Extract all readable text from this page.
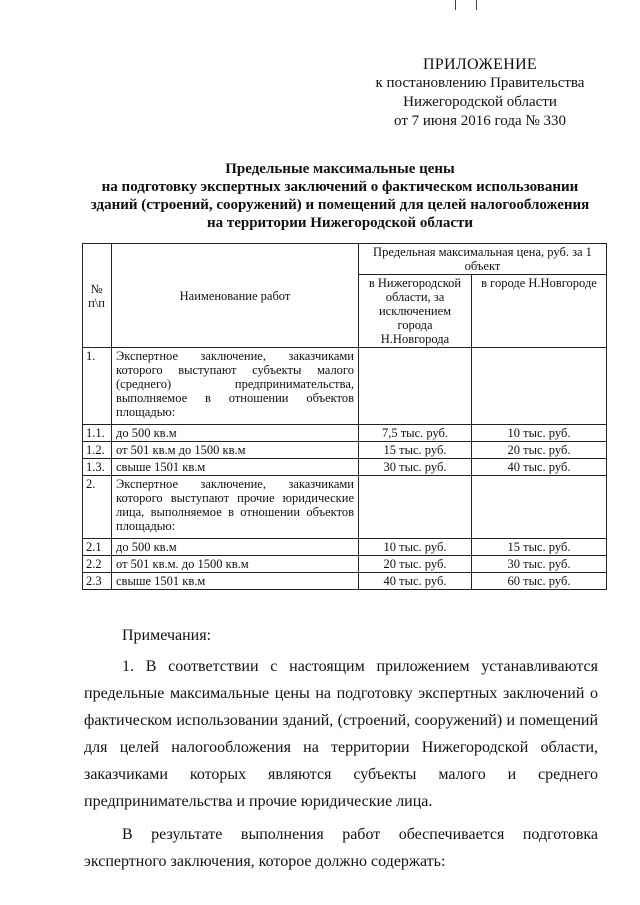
ПРИЛОЖЕНИЕ
к постановлению Правительства
Нижегородской области
от 7 июня 2016 года № 330
Предельные максимальные цены
на подготовку экспертных заключений о фактическом использовании
зданий (строений, сооружений) и помещений для целей налогообложения
на территории Нижегородской области
№ п\п	Наименование работ	Предельная максимальная цена, руб. за 1 объект	
		в Нижегородской области, за исключением города Н.Новгорода	в городе Н.Новгороде
1.	Экспертное заключение, заказчиками которого выступают субъекты малого (среднего) предпринимательства, выполняемое в отношении объектов площадью:		
1.1.	до 500 кв.м	7,5 тыс. руб.	10 тыс. руб.
1.2.	от 501 кв.м до 1500 кв.м	15 тыс. руб.	20 тыс. руб.
1.3.	свыше 1501 кв.м	30 тыс. руб.	40 тыс. руб.
2.	Экспертное заключение, заказчиками которого выступают прочие юридические лица, выполняемое в отношении объектов площадью:		
2.1	до 500 кв.м	10 тыс. руб.	15 тыс. руб.
2.2	от 501 кв.м. до 1500 кв.м	20 тыс. руб.	30 тыс. руб.
2.3	свыше 1501 кв.м	40 тыс. руб.	60 тыс. руб.

Примечания:

1. В соответствии с настоящим приложением устанавливаются предельные максимальные цены на подготовку экспертных заключений о фактическом использовании зданий, (строений, сооружений) и помещений для целей налогообложения на территории Нижегородской области, заказчиками которых являются субъекты малого и среднего предпринимательства и прочие юридические лица.

В результате выполнения работ обеспечивается подготовка экспертного заключения, которое должно содержать:
